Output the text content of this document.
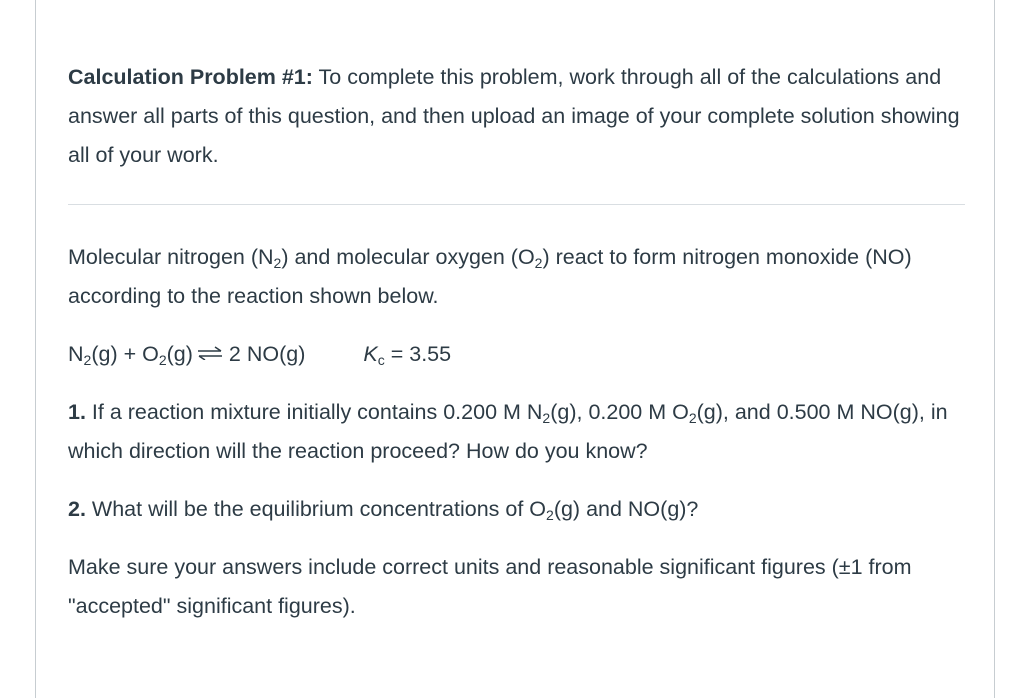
Calculation Problem #1: To complete this problem, work through all of the calculations and answer all parts of this question, and then upload an image of your complete solution showing all of your work.

Molecular nitrogen $(N_2)$ and molecular oxygen $(O_2)$ react to form nitrogen monoxide (NO) according to the reaction shown below.

$N_2(g) + O_2(g)$ ⇌ 2 NO(g)	$K_c = 3.55$

1. If a reaction mixture initially contains 0.200 M $N_2(g)$, 0.200 M $O_2(g)$, and 0.500 M NO(g), in which direction will the reaction proceed? How do you know?

2. What will be the equilibrium concentrations of $O_2(g)$ and NO(g)?

Make sure your answers include correct units and reasonable significant figures (±1 from "accepted" significant figures).
